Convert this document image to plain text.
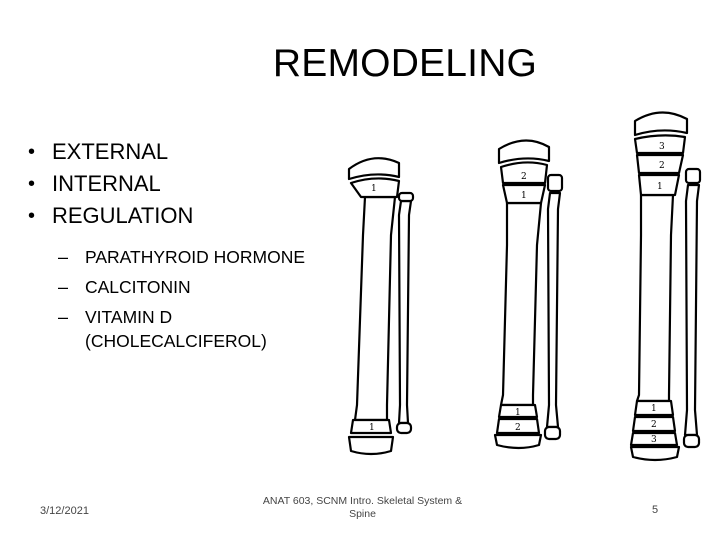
REMODELING
• EXTERNAL
• INTERNAL
• REGULATION
– PARATHYROID HORMONE
– CALCITONIN
– VITAMIN D
(CHOLECALCIFEROL)
1
1
2
1
1
2
3
2
1
1
2
3
3/12/2021
ANAT 603, SCNM Intro. Skeletal System &
Spine	5
